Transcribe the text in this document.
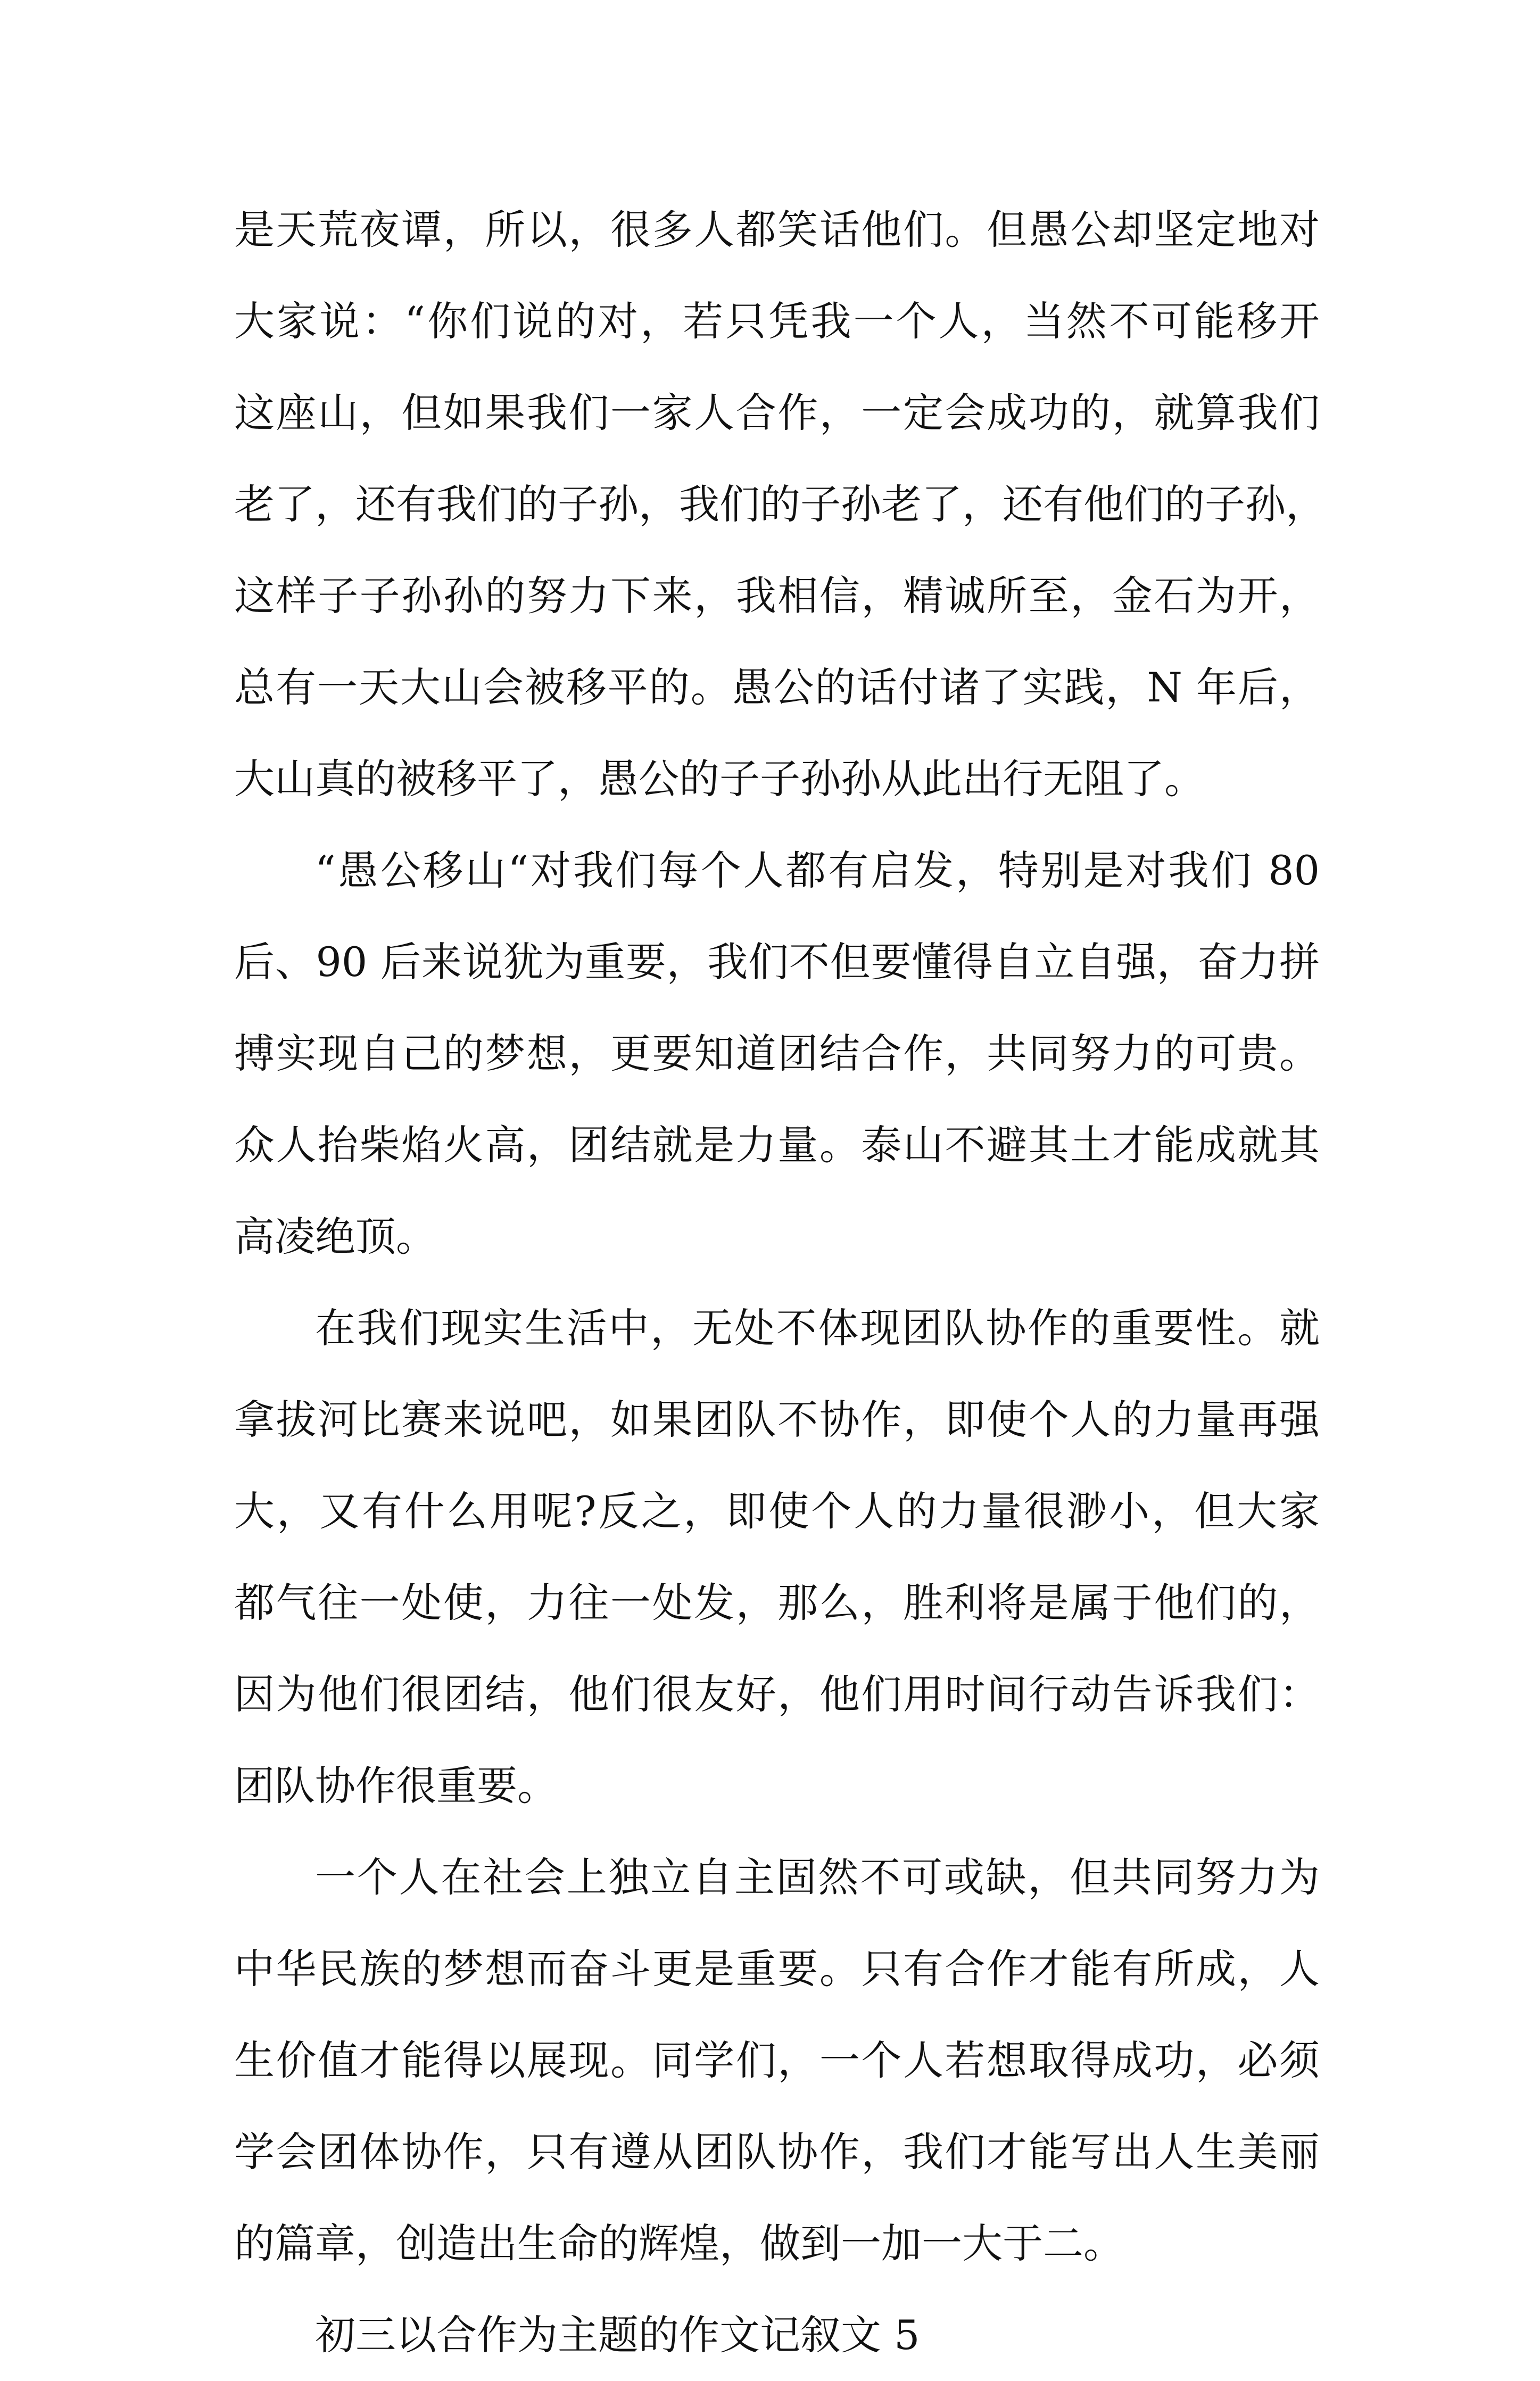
是天荒夜谭，所以，很多人都笑话他们。但愚公却坚定地对
大家说：“你们说的对，若只凭我一个人，当然不可能移开
这座山，但如果我们一家人合作，一定会成功的，就算我们
老了，还有我们的子孙，我们的子孙老了，还有他们的子孙，
这样子子孙孙的努力下来，我相信，精诚所至，金石为开，
总有一天大山会被移平的。愚公的话付诸了实践，N 年后，
大山真的被移平了，愚公的子子孙孙从此出行无阻了。
“愚公移山“对我们每个人都有启发，特别是对我们 80
后、90 后来说犹为重要，我们不但要懂得自立自强，奋力拼
搏实现自己的梦想，更要知道团结合作，共同努力的可贵。
众人抬柴焰火高，团结就是力量。泰山不避其土才能成就其
高凌绝顶。
在我们现实生活中，无处不体现团队协作的重要性。就
拿拔河比赛来说吧，如果团队不协作，即使个人的力量再强
大，又有什么用呢?反之，即使个人的力量很渺小，但大家
都气往一处使，力往一处发，那么，胜利将是属于他们的，
因为他们很团结，他们很友好，他们用时间行动告诉我们：
团队协作很重要。
一个人在社会上独立自主固然不可或缺，但共同努力为
中华民族的梦想而奋斗更是重要。只有合作才能有所成，人
生价值才能得以展现。同学们，一个人若想取得成功，必须
学会团体协作，只有遵从团队协作，我们才能写出人生美丽
的篇章，创造出生命的辉煌，做到一加一大于二。
初三以合作为主题的作文记叙文 5
